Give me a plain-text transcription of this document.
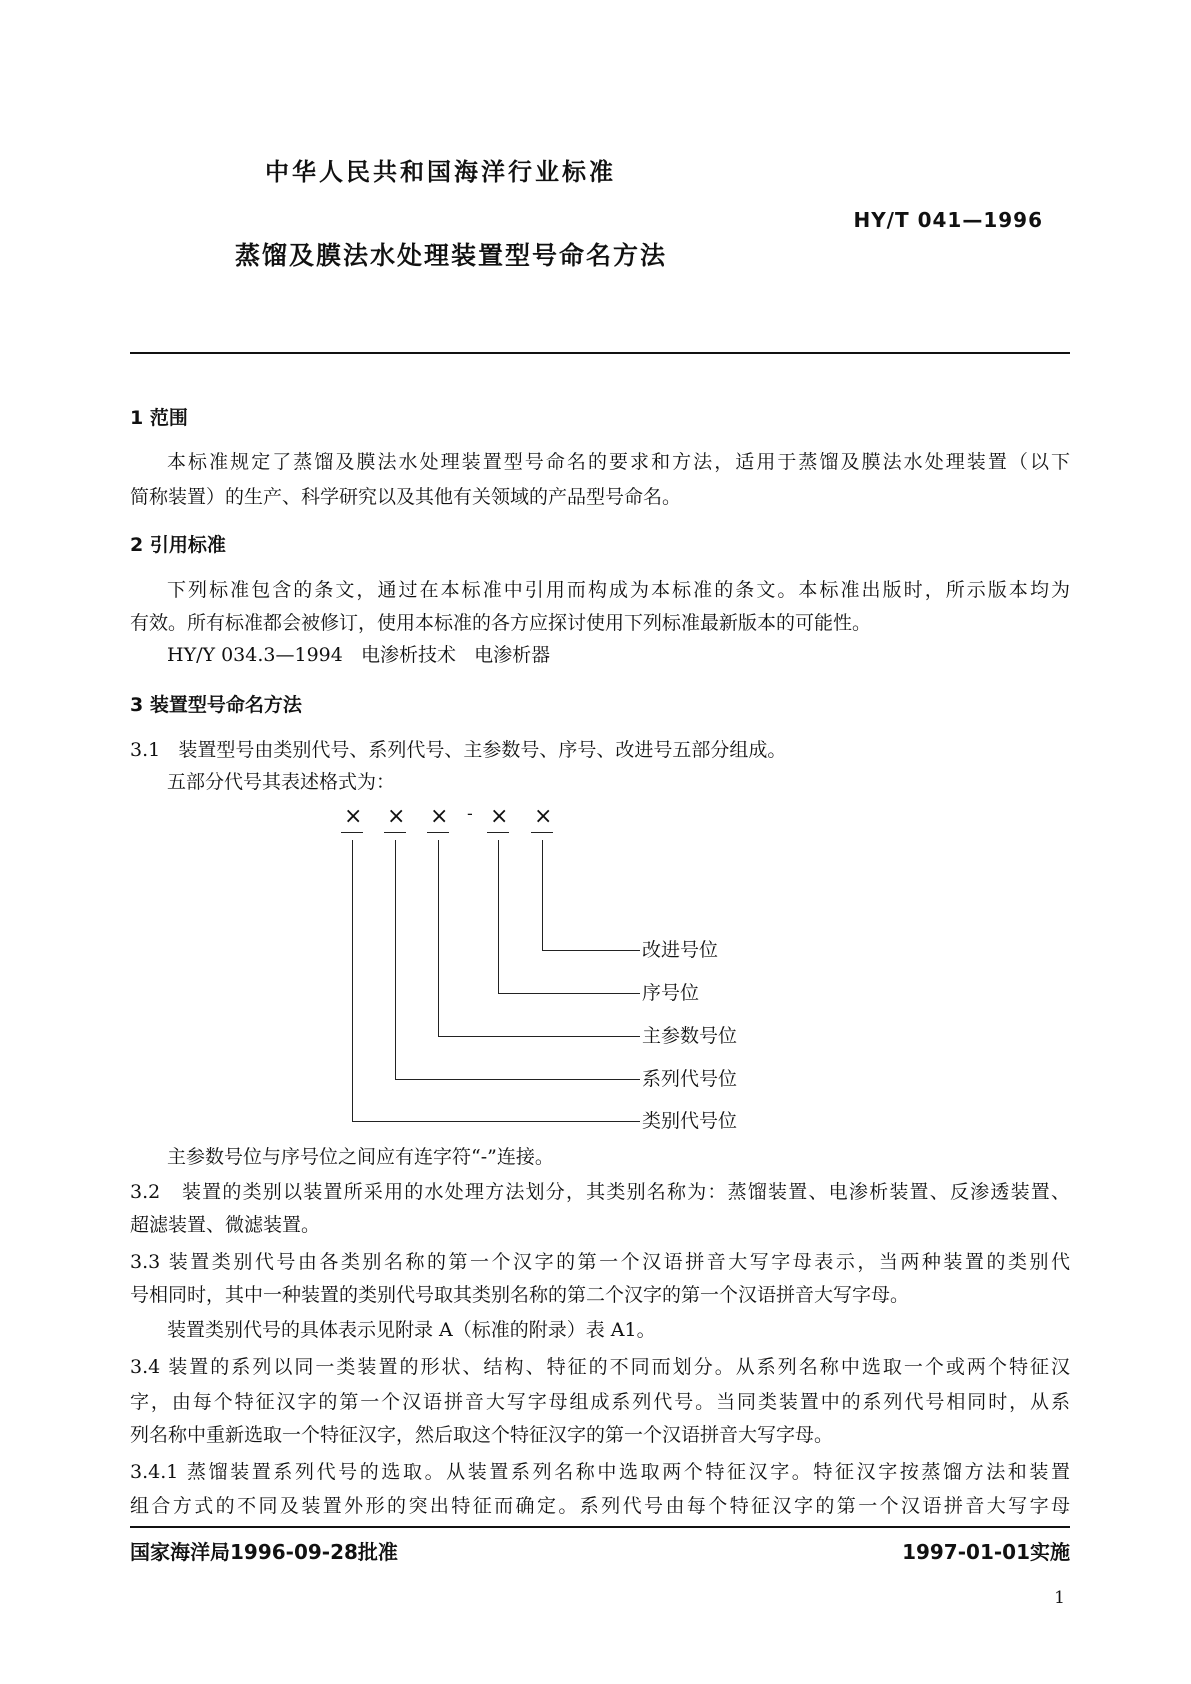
中华人民共和国海洋行业标准
HY/T 041—1996
蒸馏及膜法水处理装置型号命名方法
1 范围
本标准规定了蒸馏及膜法水处理装置型号命名的要求和方法，适用于蒸馏及膜法水处理装置（以下
简称装置）的生产、科学研究以及其他有关领域的产品型号命名。
2 引用标准
下列标准包含的条文，通过在本标准中引用而构成为本标准的条文。本标准出版时，所示版本均为
有效。所有标准都会被修订，使用本标准的各方应探讨使用下列标准最新版本的可能性。
HY/Y 034.3—1994   电渗析技术   电渗析器
3 装置型号命名方法
3.1   装置型号由类别代号、系列代号、主参数号、序号、改进号五部分组成。
五部分代号其表述格式为：
× × × - × ×
改进号位
序号位
主参数号位
系列代号位
类别代号位
主参数号位与序号位之间应有连字符“-”连接。
3.2   装置的类别以装置所采用的水处理方法划分，其类别名称为：蒸馏装置、电渗析装置、反渗透装置、
超滤装置、微滤装置。
3.3 装置类别代号由各类别名称的第一个汉字的第一个汉语拼音大写字母表示，当两种装置的类别代
号相同时，其中一种装置的类别代号取其类别名称的第二个汉字的第一个汉语拼音大写字母。
装置类别代号的具体表示见附录 A（标准的附录）表 A1。
3.4 装置的系列以同一类装置的形状、结构、特征的不同而划分。从系列名称中选取一个或两个特征汉
字，由每个特征汉字的第一个汉语拼音大写字母组成系列代号。当同类装置中的系列代号相同时，从系
列名称中重新选取一个特征汉字，然后取这个特征汉字的第一个汉语拼音大写字母。
3.4.1 蒸馏装置系列代号的选取。从装置系列名称中选取两个特征汉字。特征汉字按蒸馏方法和装置
组合方式的不同及装置外形的突出特征而确定。系列代号由每个特征汉字的第一个汉语拼音大写字母
国家海洋局1996-09-28批准	1997-01-01实施
1
